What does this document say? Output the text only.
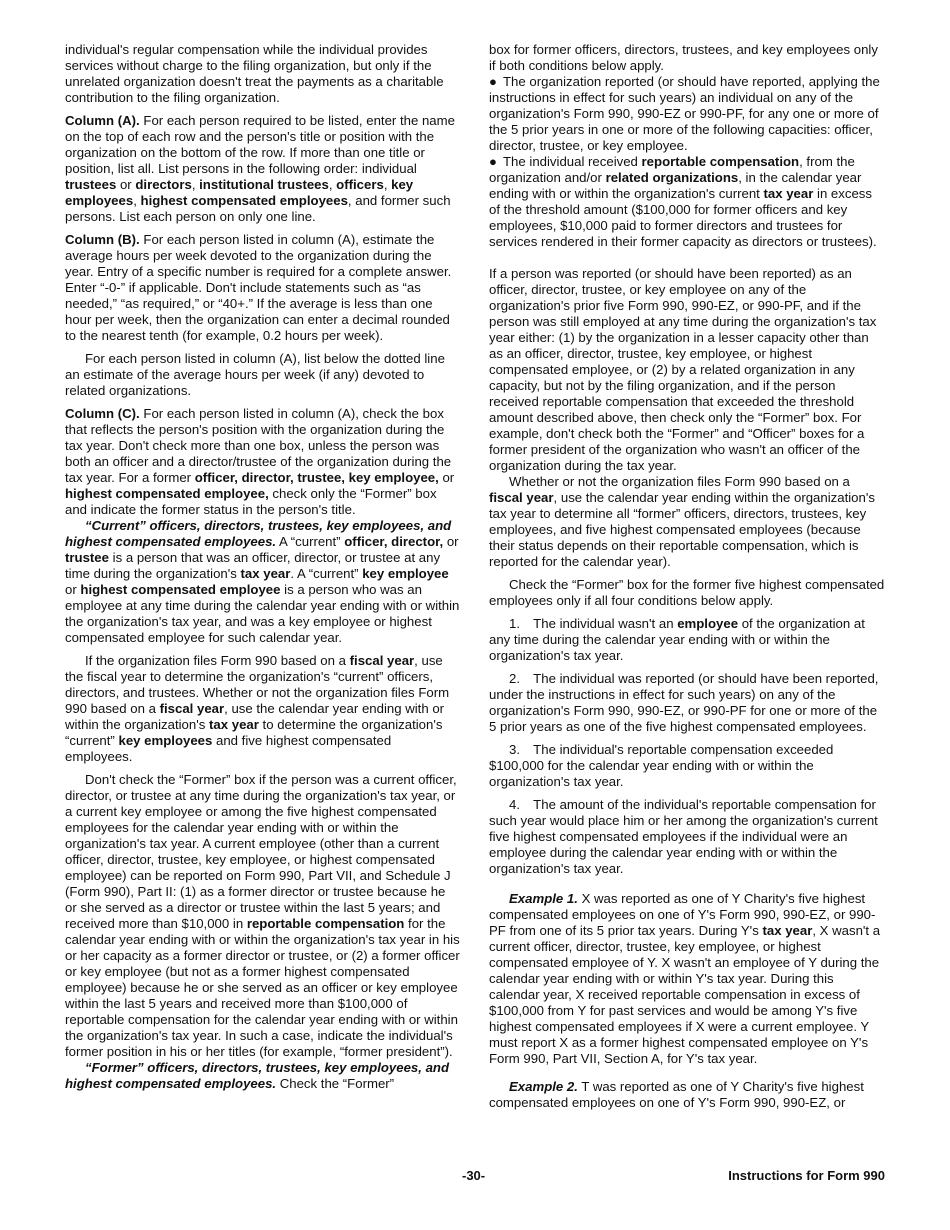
individual's regular compensation while the individual provides services without charge to the filing organization, but only if the unrelated organization doesn't treat the payments as a charitable contribution to the filing organization.

Column (A). For each person required to be listed, enter the name on the top of each row and the person's title or position with the organization on the bottom of the row. If more than one title or position, list all. List persons in the following order: individual trustees or directors, institutional trustees, officers, key employees, highest compensated employees, and former such persons. List each person on only one line.

Column (B). For each person listed in column (A), estimate the average hours per week devoted to the organization during the year. Entry of a specific number is required for a complete answer. Enter “-0-” if applicable. Don't include statements such as “as needed,” “as required,” or “40+.” If the average is less than one hour per week, then the organization can enter a decimal rounded to the nearest tenth (for example, 0.2 hours per week).

For each person listed in column (A), list below the dotted line an estimate of the average hours per week (if any) devoted to related organizations.

Column (C). For each person listed in column (A), check the box that reflects the person's position with the organization during the tax year. Don't check more than one box, unless the person was both an officer and a director/trustee of the organization during the tax year. For a former officer, director, trustee, key employee, or highest compensated employee, check only the “Former” box and indicate the former status in the person's title.

“Current” officers, directors, trustees, key employees, and highest compensated employees. A “current” officer, director, or trustee is a person that was an officer, director, or trustee at any time during the organization's tax year. A “current” key employee or highest compensated employee is a person who was an employee at any time during the calendar year ending with or within the organization's tax year, and was a key employee or highest compensated employee for such calendar year.

If the organization files Form 990 based on a fiscal year, use the fiscal year to determine the organization's “current” officers, directors, and trustees. Whether or not the organization files Form 990 based on a fiscal year, use the calendar year ending with or within the organization's tax year to determine the organization's “current” key employees and five highest compensated employees.

Don't check the “Former” box if the person was a current officer, director, or trustee at any time during the organization's tax year, or a current key employee or among the five highest compensated employees for the calendar year ending with or within the organization's tax year. A current employee (other than a current officer, director, trustee, key employee, or highest compensated employee) can be reported on Form 990, Part VII, and Schedule J (Form 990), Part II: (1) as a former director or trustee because he or she served as a director or trustee within the last 5 years; and received more than $10,000 in reportable compensation for the calendar year ending with or within the organization's tax year in his or her capacity as a former director or trustee, or (2) a former officer or key employee (but not as a former highest compensated employee) because he or she served as an officer or key employee within the last 5 years and received more than $100,000 of reportable compensation for the calendar year ending with or within the organization's tax year. In such a case, indicate the individual's former position in his or her titles (for example, “former president”).

“Former” officers, directors, trustees, key employees, and highest compensated employees. Check the “Former”

box for former officers, directors, trustees, and key employees only if both conditions below apply.

● The organization reported (or should have reported, applying the instructions in effect for such years) an individual on any of the organization's Form 990, 990-EZ or 990-PF, for any one or more of the 5 prior years in one or more of the following capacities: officer, director, trustee, or key employee.

● The individual received reportable compensation, from the organization and/or related organizations, in the calendar year ending with or within the organization's current tax year in excess of the threshold amount ($100,000 for former officers and key employees, $10,000 paid to former directors and trustees for services rendered in their former capacity as directors or trustees).

If a person was reported (or should have been reported) as an officer, director, trustee, or key employee on any of the organization's prior five Form 990, 990-EZ, or 990-PF, and if the person was still employed at any time during the organization's tax year either: (1) by the organization in a lesser capacity other than as an officer, director, trustee, key employee, or highest compensated employee, or (2) by a related organization in any capacity, but not by the filing organization, and if the person received reportable compensation that exceeded the threshold amount described above, then check only the “Former” box. For example, don't check both the “Former” and “Officer” boxes for a former president of the organization who wasn't an officer of the organization during the tax year.

Whether or not the organization files Form 990 based on a fiscal year, use the calendar year ending within the organization's tax year to determine all “former” officers, directors, trustees, key employees, and five highest compensated employees (because their status depends on their reportable compensation, which is reported for the calendar year).

Check the “Former” box for the former five highest compensated employees only if all four conditions below apply.

1. The individual wasn't an employee of the organization at any time during the calendar year ending with or within the organization's tax year.

2. The individual was reported (or should have been reported, under the instructions in effect for such years) on any of the organization's Form 990, 990-EZ, or 990-PF for one or more of the 5 prior years as one of the five highest compensated employees.

3. The individual's reportable compensation exceeded $100,000 for the calendar year ending with or within the organization's tax year.

4. The amount of the individual's reportable compensation for such year would place him or her among the organization's current five highest compensated employees if the individual were an employee during the calendar year ending with or within the organization's tax year.

Example 1. X was reported as one of Y Charity's five highest compensated employees on one of Y's Form 990, 990-EZ, or 990-PF from one of its 5 prior tax years. During Y's tax year, X wasn't a current officer, director, trustee, key employee, or highest compensated employee of Y. X wasn't an employee of Y during the calendar year ending with or within Y's tax year. During this calendar year, X received reportable compensation in excess of $100,000 from Y for past services and would be among Y's five highest compensated employees if X were a current employee. Y must report X as a former highest compensated employee on Y's Form 990, Part VII, Section A, for Y's tax year.

Example 2. T was reported as one of Y Charity's five highest compensated employees on one of Y's Form 990, 990-EZ, or

-30-	Instructions for Form 990
